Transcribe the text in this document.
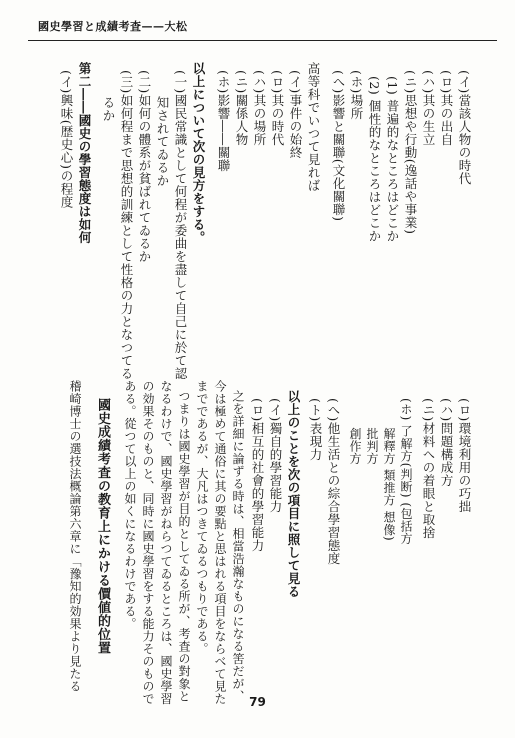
國史學習と成績考査——大松
(イ)當該人物の時代
(ロ)其の出自
(ハ)其の生立
(ニ)思想や行動(逸話や事業)
(1) 普遍的なところはどこか
(2) 個性的なところはどこか
(ホ)場所
(へ)影響と關聯(文化關聯)
高等科でいつて見れば
(イ)事件の始終
(ロ)其の時代
(ハ)其の場所
(ニ)關係人物
(ホ)影響――關聯
以上について次の見方をする。
(一)國民常識として何程が委曲を盡して自己に於て認
　　知されてゐるか
(二)如何の體系が貧ばれてゐるか
(三)如何程まで思想的訓練として性格の力となつてる
　　るか
第二――國史の學習態度は如何
(イ)興味(歴史心)の程度
(ロ)環境利用の巧拙
(ハ)問題構成方
(ニ)材料への着眼と取捨
(ホ) 了解方(判断) (包括方
　　 解釋方 類推方 想像)
　　 批判方
　　 創作方
(へ)他生活との綜合學習態度
(ト)表現力
以上のことを次の項目に照して見る
(イ)獨自的學習能力
(ロ)相互的社會的學習能力
之を詳細に論ずる時は、相當浩瀚なものになる筈だが、
今は極めて通俗に其の要點と思はれる項目をならべて見た
までであるが、大凡はつきてゐるつもりである。
つまりは國史學習が目的としてゐる所が、考査の對象と
なるわけで、國史學習がねらつてゐるところは、國史學習
の効果そのものと、同時に國史學習をする能力そのもので
ある。從つて以上の如くになるわけである。
國史成績考査の教育上にかける價値的位置
稽崎博士の選技法概論第六章に「豫知的効果より見たる
79
